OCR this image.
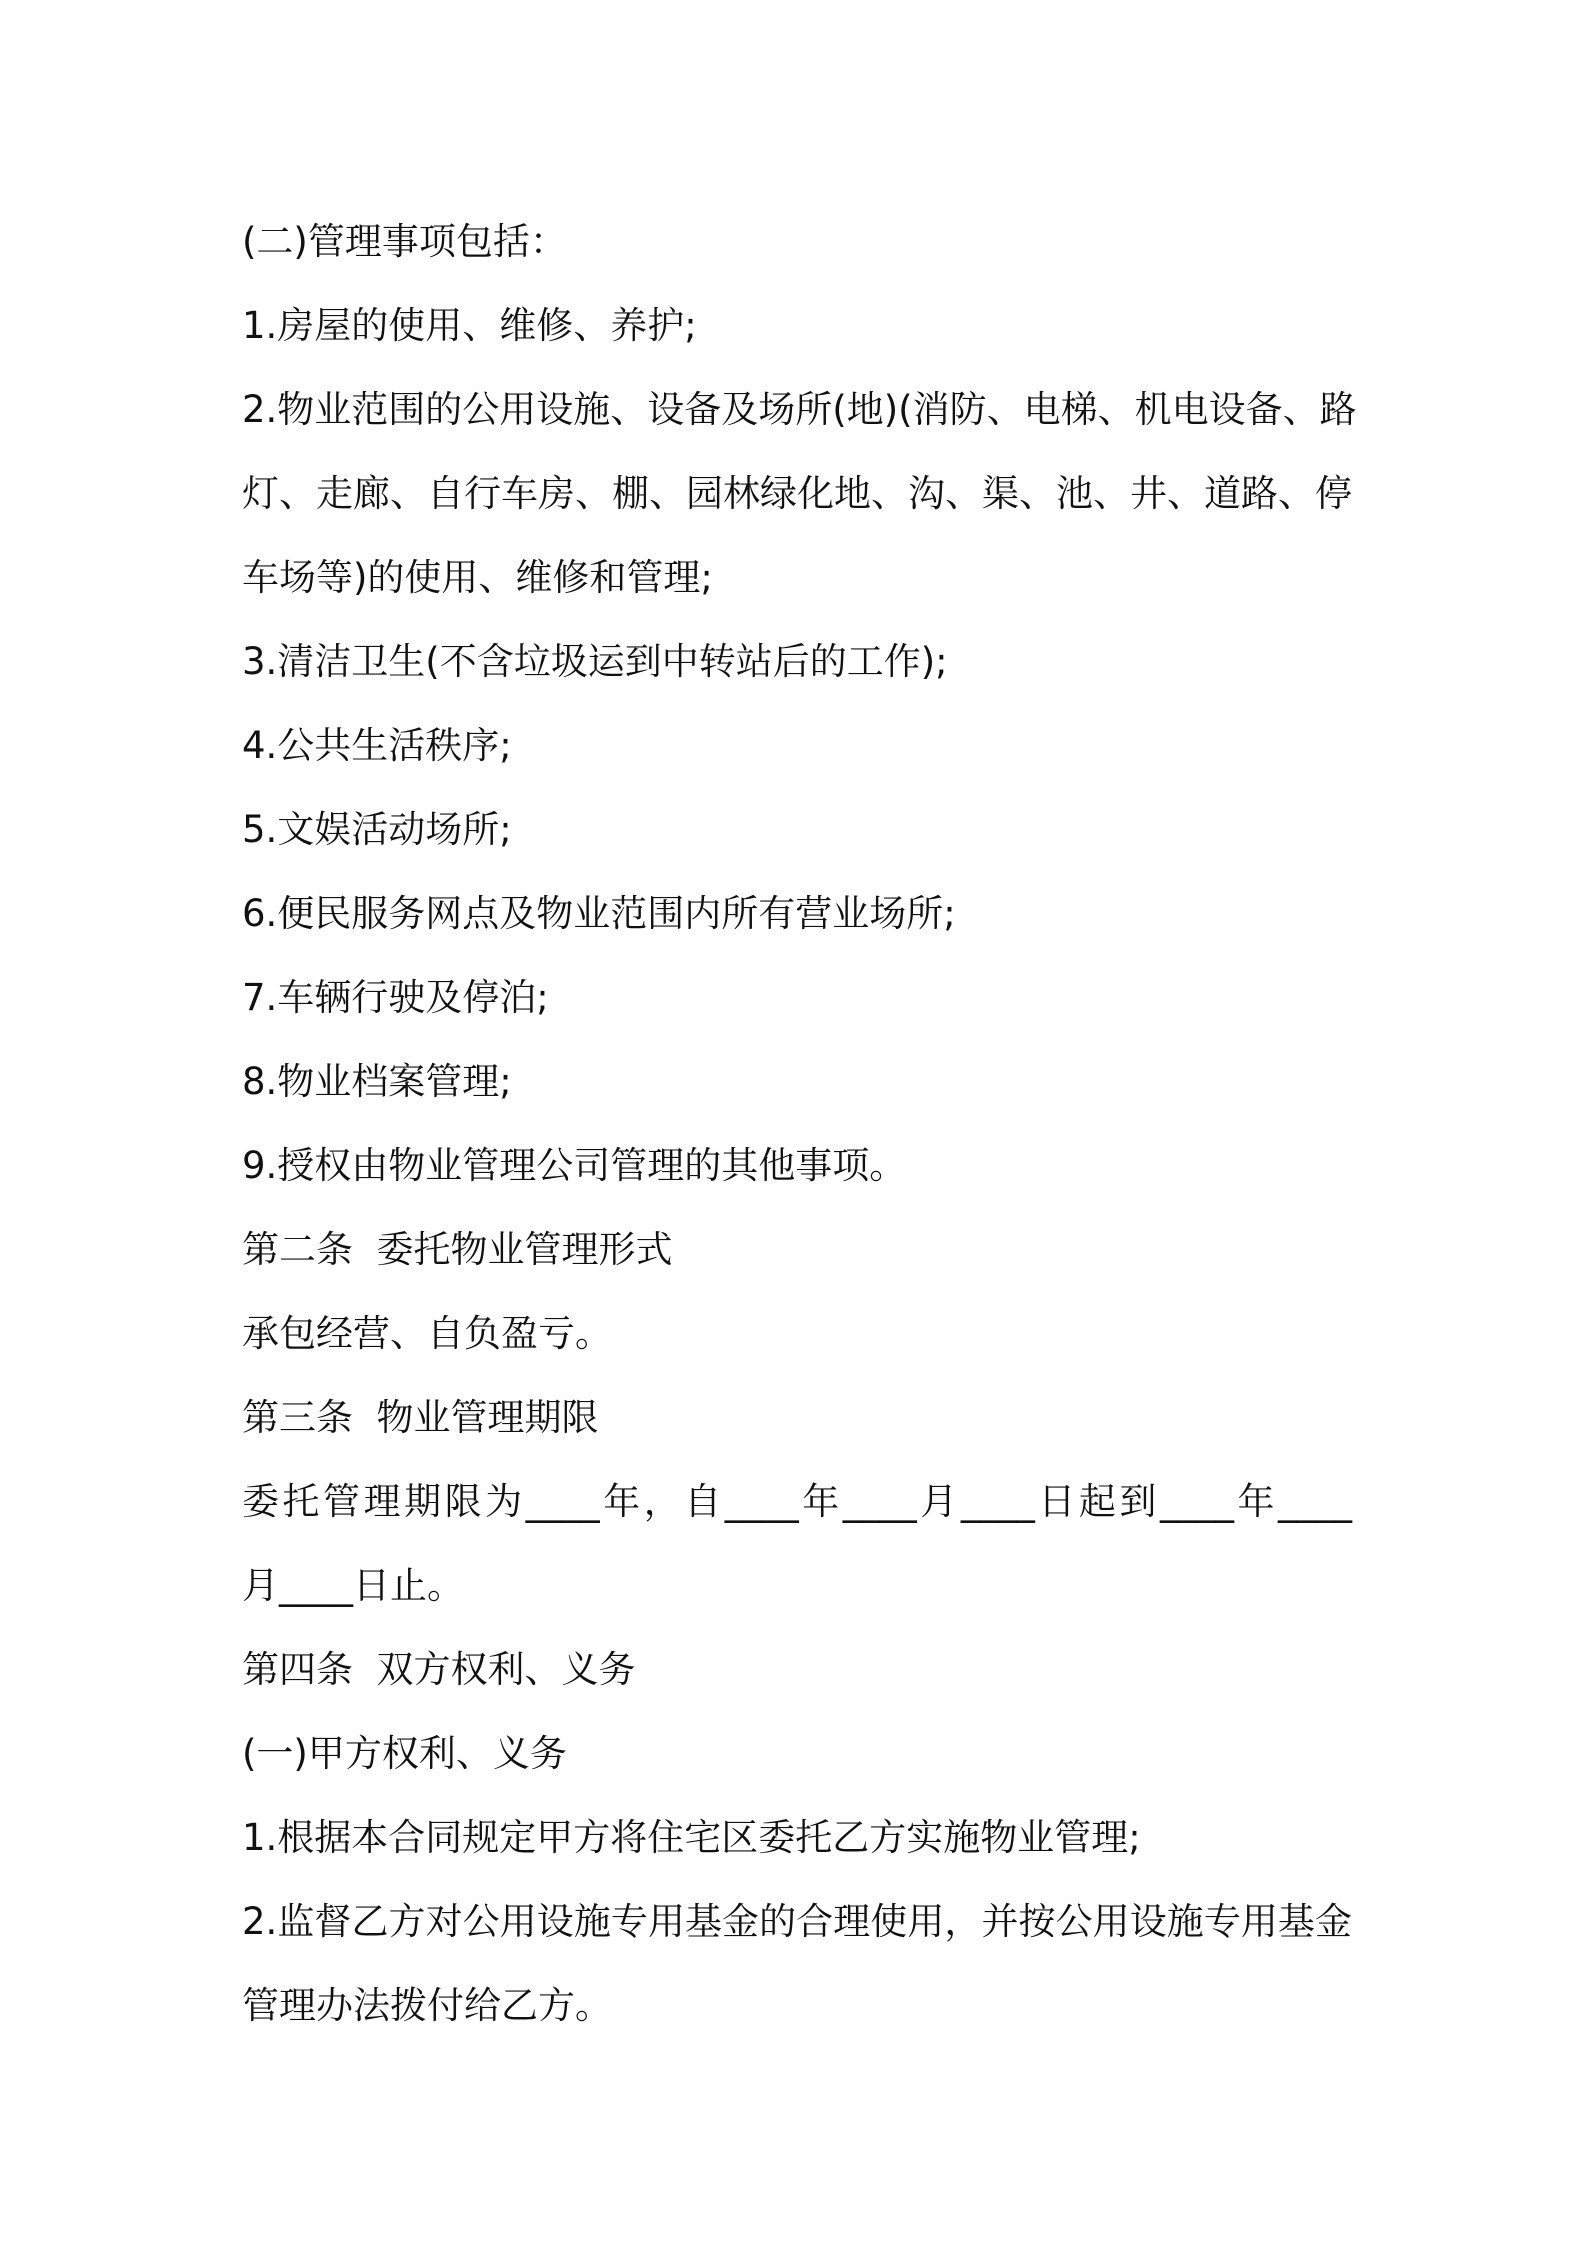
(二)管理事项包括：
1.房屋的使用、维修、养护;
2.物业范围的公用设施、设备及场所(地)(消防、电梯、机电设备、路
灯、走廊、自行车房、棚、园林绿化地、沟、渠、池、井、道路、停
车场等)的使用、维修和管理;
3.清洁卫生(不含垃圾运到中转站后的工作);
4.公共生活秩序;
5.文娱活动场所;
6.便民服务网点及物业范围内所有营业场所;
7.车辆行驶及停泊;
8.物业档案管理;
9.授权由物业管理公司管理的其他事项。
第二条  委托物业管理形式
承包经营、自负盈亏。
第三条  物业管理期限
委托管理期限为____年，自____年____月____日起到____年____
月____日止。
第四条  双方权利、义务
(一)甲方权利、义务
1.根据本合同规定甲方将住宅区委托乙方实施物业管理;
2.监督乙方对公用设施专用基金的合理使用，并按公用设施专用基金
管理办法拨付给乙方。
